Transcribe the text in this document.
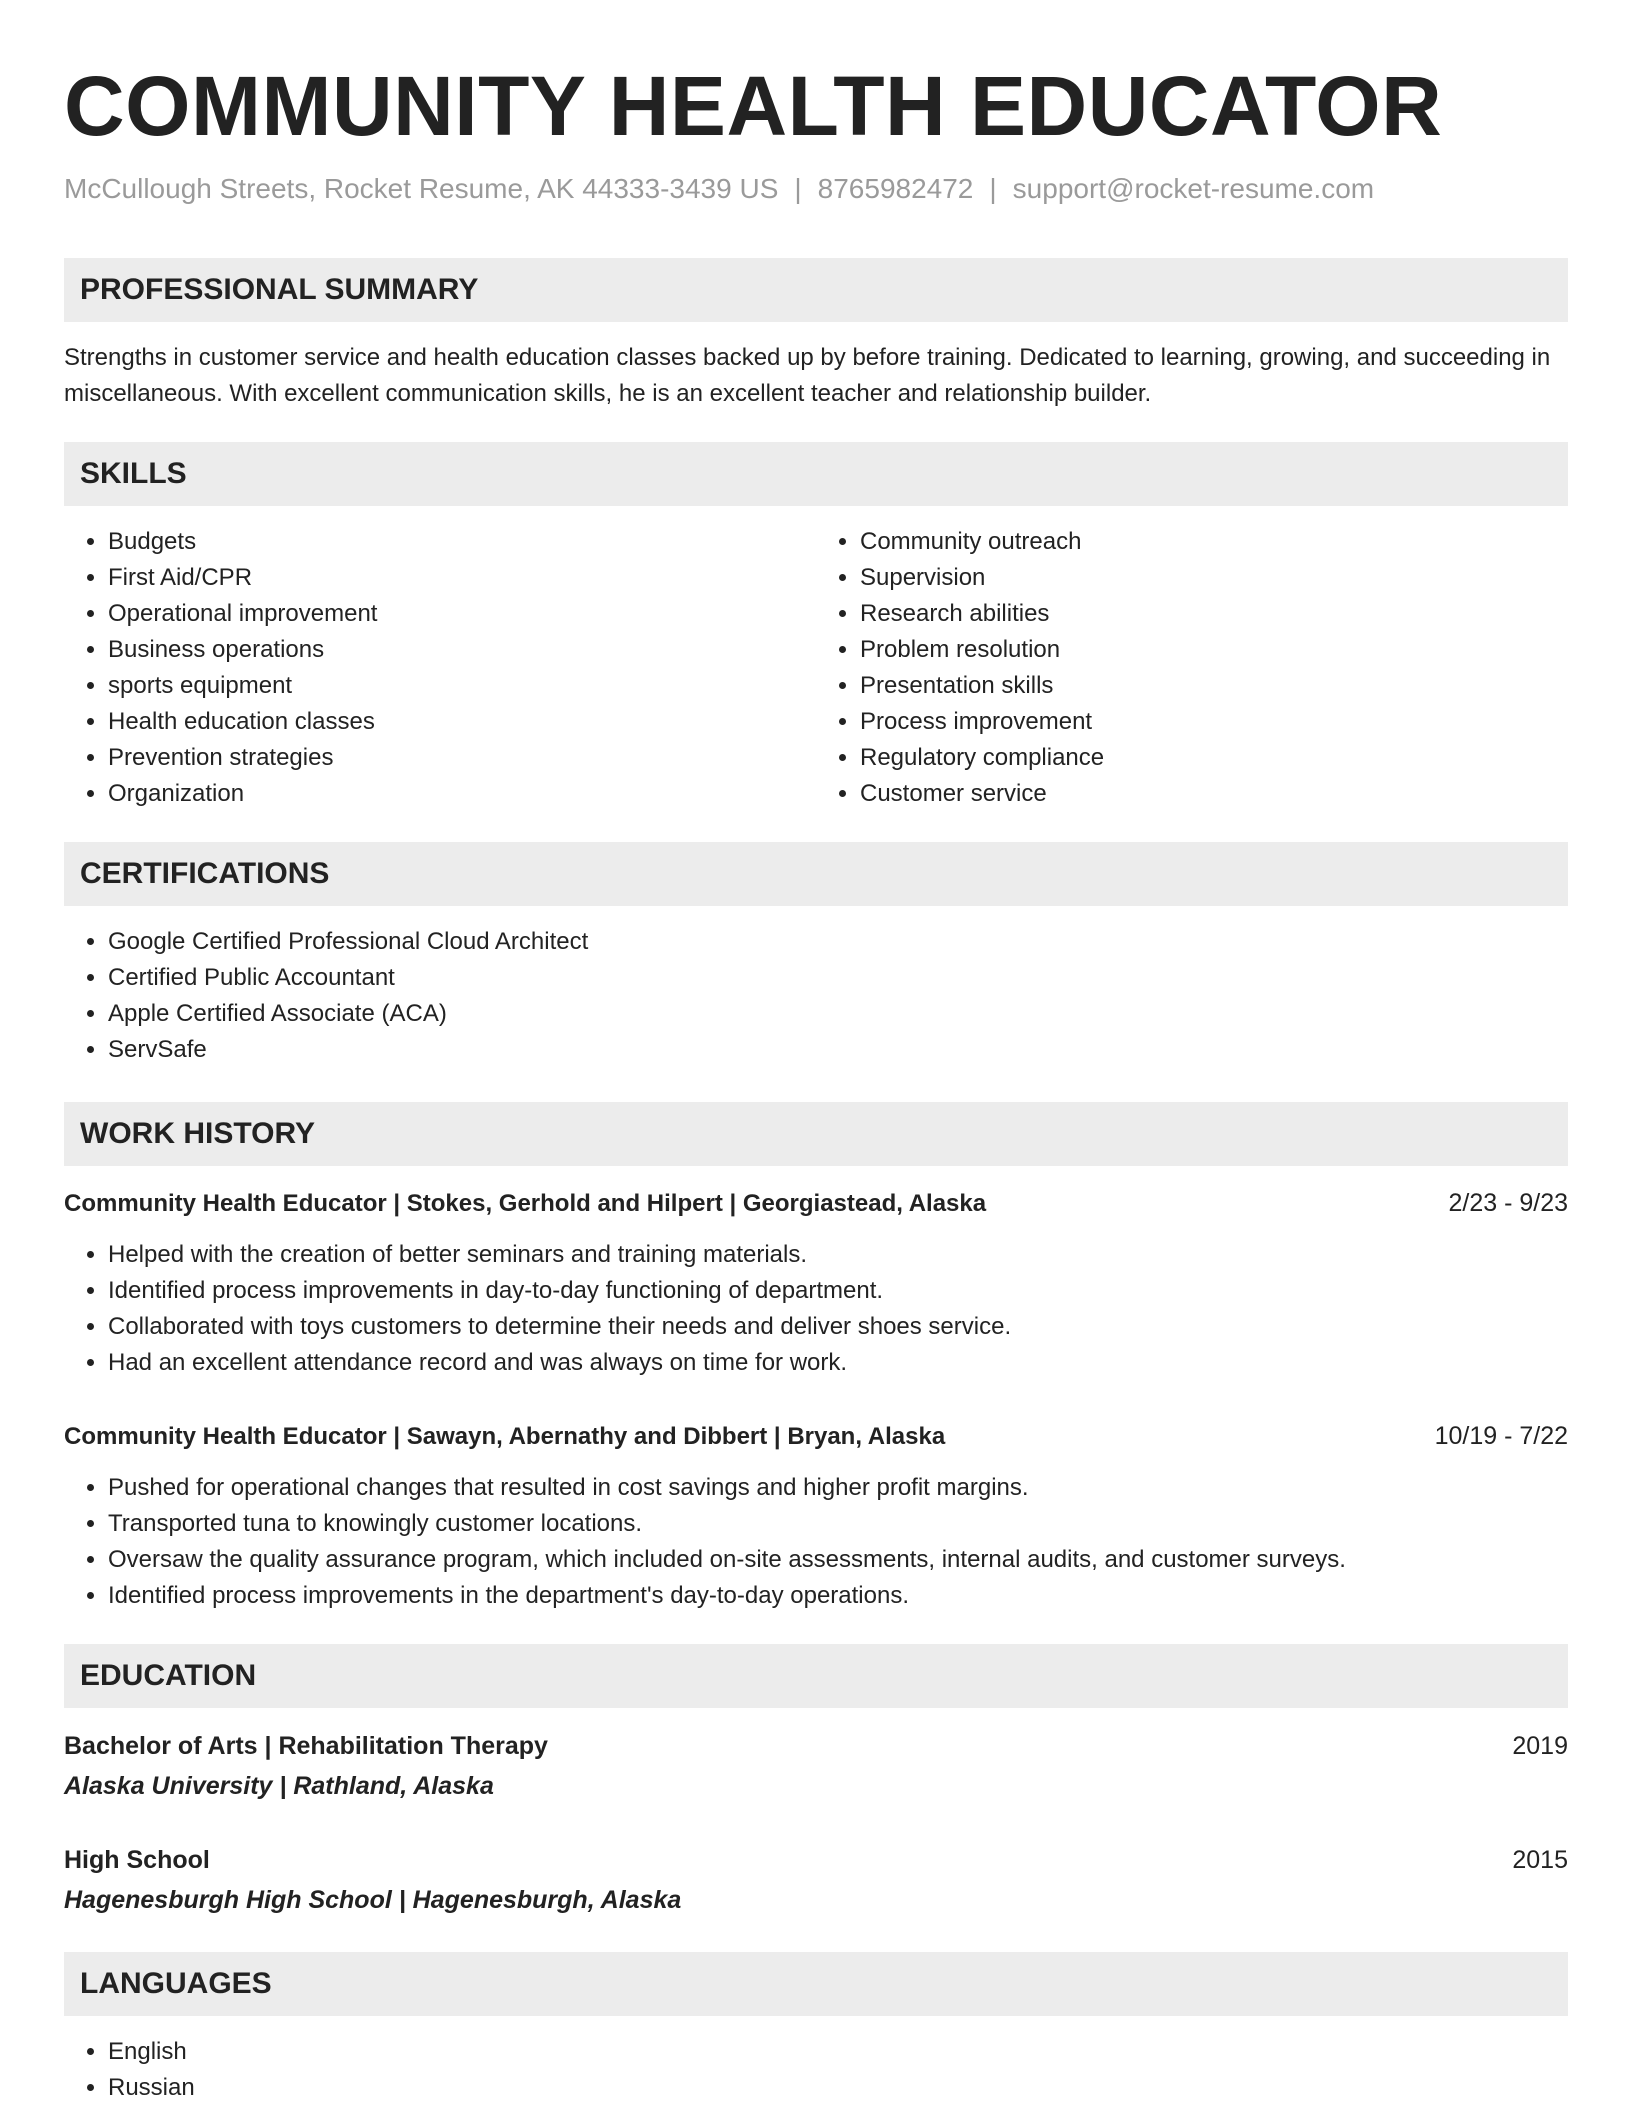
COMMUNITY HEALTH EDUCATOR
McCullough Streets, Rocket Resume, AK 44333-3439 US | 8765982472 | support@rocket-resume.com
PROFESSIONAL SUMMARY

Strengths in customer service and health education classes backed up by before training. Dedicated to learning, growing, and succeeding in miscellaneous. With excellent communication skills, he is an excellent teacher and relationship builder.

SKILLS
• Budgets
• First Aid/CPR
• Operational improvement
• Business operations
• sports equipment
• Health education classes
• Prevention strategies
• Organization
• Community outreach
• Supervision
• Research abilities
• Problem resolution
• Presentation skills
• Process improvement
• Regulatory compliance
• Customer service
CERTIFICATIONS
• Google Certified Professional Cloud Architect
• Certified Public Accountant
• Apple Certified Associate (ACA)
• ServSafe
WORK HISTORY
Community Health Educator | Stokes, Gerhold and Hilpert | Georgiastead, Alaska	2/23 - 9/23
• Helped with the creation of better seminars and training materials.
• Identified process improvements in day-to-day functioning of department.
• Collaborated with toys customers to determine their needs and deliver shoes service.
• Had an excellent attendance record and was always on time for work.
Community Health Educator | Sawayn, Abernathy and Dibbert | Bryan, Alaska	10/19 - 7/22
• Pushed for operational changes that resulted in cost savings and higher profit margins.
• Transported tuna to knowingly customer locations.
• Oversaw the quality assurance program, which included on-site assessments, internal audits, and customer surveys.
• Identified process improvements in the department's day-to-day operations.
EDUCATION
Bachelor of Arts | Rehabilitation Therapy	2019
Alaska University | Rathland, Alaska
High School	2015
Hagenesburgh High School | Hagenesburgh, Alaska
LANGUAGES
• English
• Russian
